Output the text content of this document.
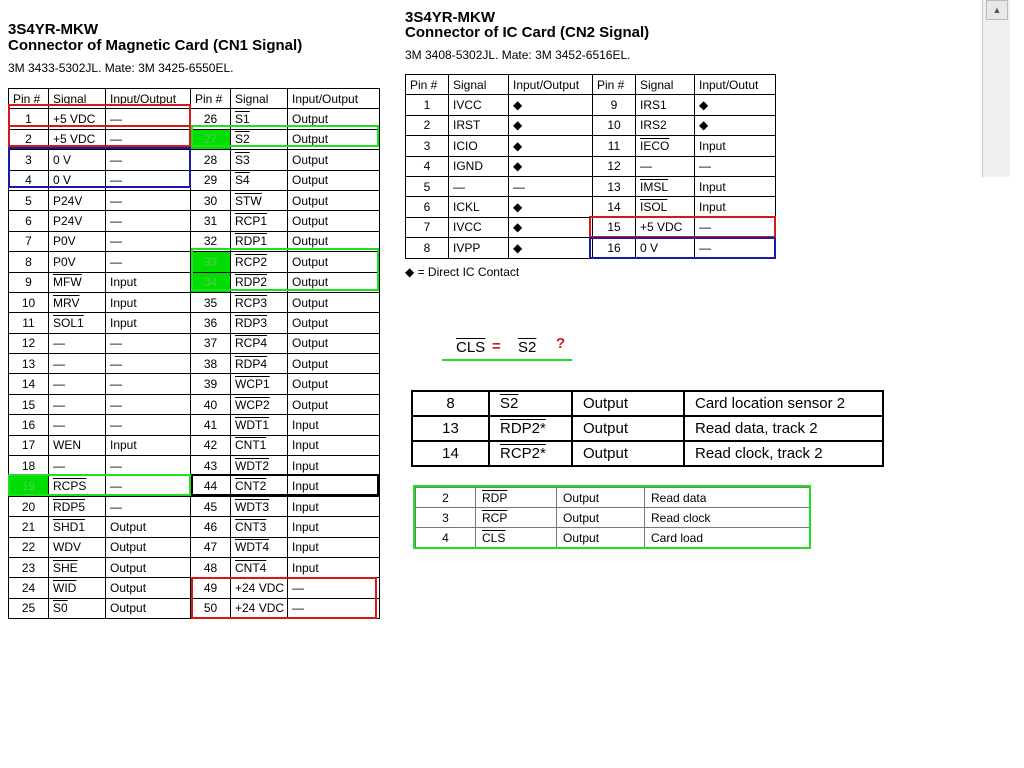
3S4YR-MKW
Connector of Magnetic Card (CN1 Signal)
3M 3433-5302JL. Mate: 3M 3425-6550EL.
Pin #	Signal	Input/Output	Pin #	Signal	Input/Output
1	+5 VDC	—	26	S1	Output
2	+5 VDC	—	27	S2	Output
3	0 V	—	28	S3	Output
4	0 V	—	29	S4	Output
5	P24V	—	30	$\overline{STW}$	Output
6	P24V	—	31	RCP1	Output
7	P0V	—	32	RDP1	Output
8	P0V	—	33	RCP2	Output
9	$\overline{MFW}$	Input	34	RDP2	Output
10	$\overline{MRV}$	Input	35	RCP3	Output
11	SOL1	Input	36	RDP3	Output
12	—	—	37	RCP4	Output
13	—	—	38	RDP4	Output
14	—	—	39	WCP1	Output
15	—	—	40	WCP2	Output
16	—	—	41	WDT1	Input
17	WEN	Input	42	CNT1	Input
18	—	—	43	WDT2	Input
19	RCPS	—	44	CNT2	Input
20	RDP5	—	45	WDT3	Input
21	SHD1	Output	46	CNT3	Input
22	WDV	Output	47	WDT4	Input
23	$\overline{SHE}$	Output	48	CNT4	Input
24	$\overline{WID}$	Output	49	+24 VDC	—
25	S0	Output	50	+24 VDC	—
3S4YR-MKW
Connector of IC Card (CN2 Signal)
3M 3408-5302JL. Mate: 3M 3452-6516EL.
Pin #	Signal	Input/Output	Pin #	Signal	Input/Outut
1	IVCC	◆	9	IRS1	◆
2	IRST	◆	10	IRS2	◆
3	ICIO	◆	11	IECO	Input
4	IGND	◆	12	—	—
5	—	—	13	IMSL	Input
6	ICKL	◆	14	ISOL	Input
7	IVCC	◆	15	+5 VDC	—
8	IVPP	◆	16	0 V	—
◆ = Direct IC Contact
$\overline{CLS} = S2$ ?
8	S2	Output	Card location sensor 2
13	RDP2*	Output	Read data, track 2
14	RCP2*	Output	Read clock, track 2
2	$\overline{RDP}$	Output	Read data
3	$\overline{RCP}$	Output	Read clock
4	$\overline{CLS}$	Output	Card load
▲
